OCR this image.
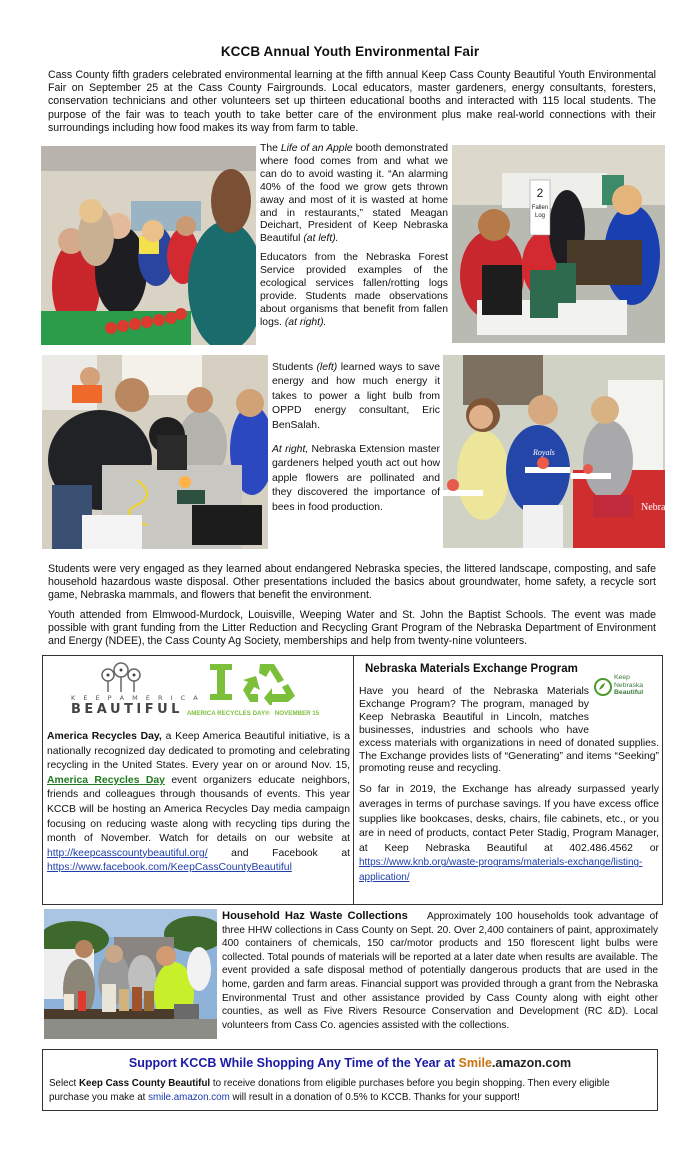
KCCB Annual Youth Environmental Fair

Cass County fifth graders celebrated environmental learning at the fifth annual Keep Cass County Beautiful Youth Environmental Fair on September 25 at the Cass County Fairgrounds. Local educators, master gardeners, energy consultants, foresters, conservation technicians and other volunteers set up thirteen educational booths and interacted with 115 local students. The purpose of the fair was to teach youth to take better care of the environment plus make real-world connections with their surroundings including how food makes its way from farm to table.

The Life of an Apple booth demonstrated where food comes from and what we can do to avoid wasting it. “An alarming 40% of the food we grow gets thrown away and most of it is wasted at home and in restaurants,” stated Meagan Deichart, President of Keep Nebraska Beautiful (at left).

Educators from the Nebraska Forest Service provided examples of the ecological services fallen/rotting logs provide. Students made observations about organisms that benefit from fallen logs. (at right).

2
Fallen
Log

Students (left) learned ways to save energy and how much energy it takes to power a light bulb from OPPD energy consultant, Eric BenSalah.

At right, Nebraska Extension master gardeners helped youth act out how apple flowers are pollinated and they discovered the importance of bees in food production.	Nebra
Royals

Students were very engaged as they learned about endangered Nebraska species, the littered landscape, composting, and safe household hazardous waste disposal. Other presentations included the basics about groundwater, home safety, a recycle sort game, Nebraska mammals, and flowers that benefit the environment.

Youth attended from Elmwood-Murdock, Louisville, Weeping Water and St. John the Baptist Schools. The event was made possible with grant funding from the Litter Reduction and Recycling Grant Program of the Nebraska Department of Environment and Energy (NDEE), the Cass County Ag Society, memberships and help from twenty-nine volunteers.

K E E P A M E R I C A
BEAUTIFUL AMERICA RECYCLES DAY® NOVEMBER 15

America Recycles Day, a Keep America Beautiful initiative, is a nationally recognized day dedicated to promoting and celebrating recycling in the United States. Every year on or around Nov. 15, America Recycles Day event organizers educate neighbors, friends and colleagues through thousands of events. This year KCCB will be hosting an America Recycles Day media campaign focusing on reducing waste along with recycling tips during the month of November. Watch for details on our website at http://keepcasscountybeautiful.org/ and Facebook at https://www.facebook.com/KeepCassCountyBeautiful

Nebraska Materials Exchange Program
Keep
Nebraska
Beautiful

Have you heard of the Nebraska Materials Exchange Program? The program, managed by Keep Nebraska Beautiful in Lincoln, matches businesses, industries and schools who have excess materials with organizations in need of donated supplies. The Exchange provides lists of “Generating” and items “Seeking” promoting reuse and recycling.

So far in 2019, the Exchange has already surpassed yearly averages in terms of purchase savings. If you have excess office supplies like bookcases, desks, chairs, file cabinets, etc., or you are in need of products, contact Peter Stadig, Program Manager, at Keep Nebraska Beautiful at 402.486.4562 or https://www.knb.org/waste-programs/materials-exchange/listing-application/

Household Haz Waste Collections Approximately 100 households took advantage of three HHW collections in Cass County on Sept. 20. Over 2,400 containers of paint, approximately 400 containers of chemicals, 150 car/motor products and 150 florescent light bulbs were collected. Total pounds of materials will be reported at a later date when results are available. The event provided a safe disposal method of potentially dangerous products that are used in the home, garden and farm areas. Financial support was provided through a grant from the Nebraska Environmental Trust and other assistance provided by Cass County along with eight other counties, as well as Five Rivers Resource Conservation and Development (RC &D). Local volunteers from Cass Co. agencies assisted with the collections.

Support KCCB While Shopping Any Time of the Year at Smile.amazon.com
Select Keep Cass County Beautiful to receive donations from eligible purchases before you begin shopping. Then every eligible purchase you make at smile.amazon.com will result in a donation of 0.5% to KCCB. Thanks for your support!
